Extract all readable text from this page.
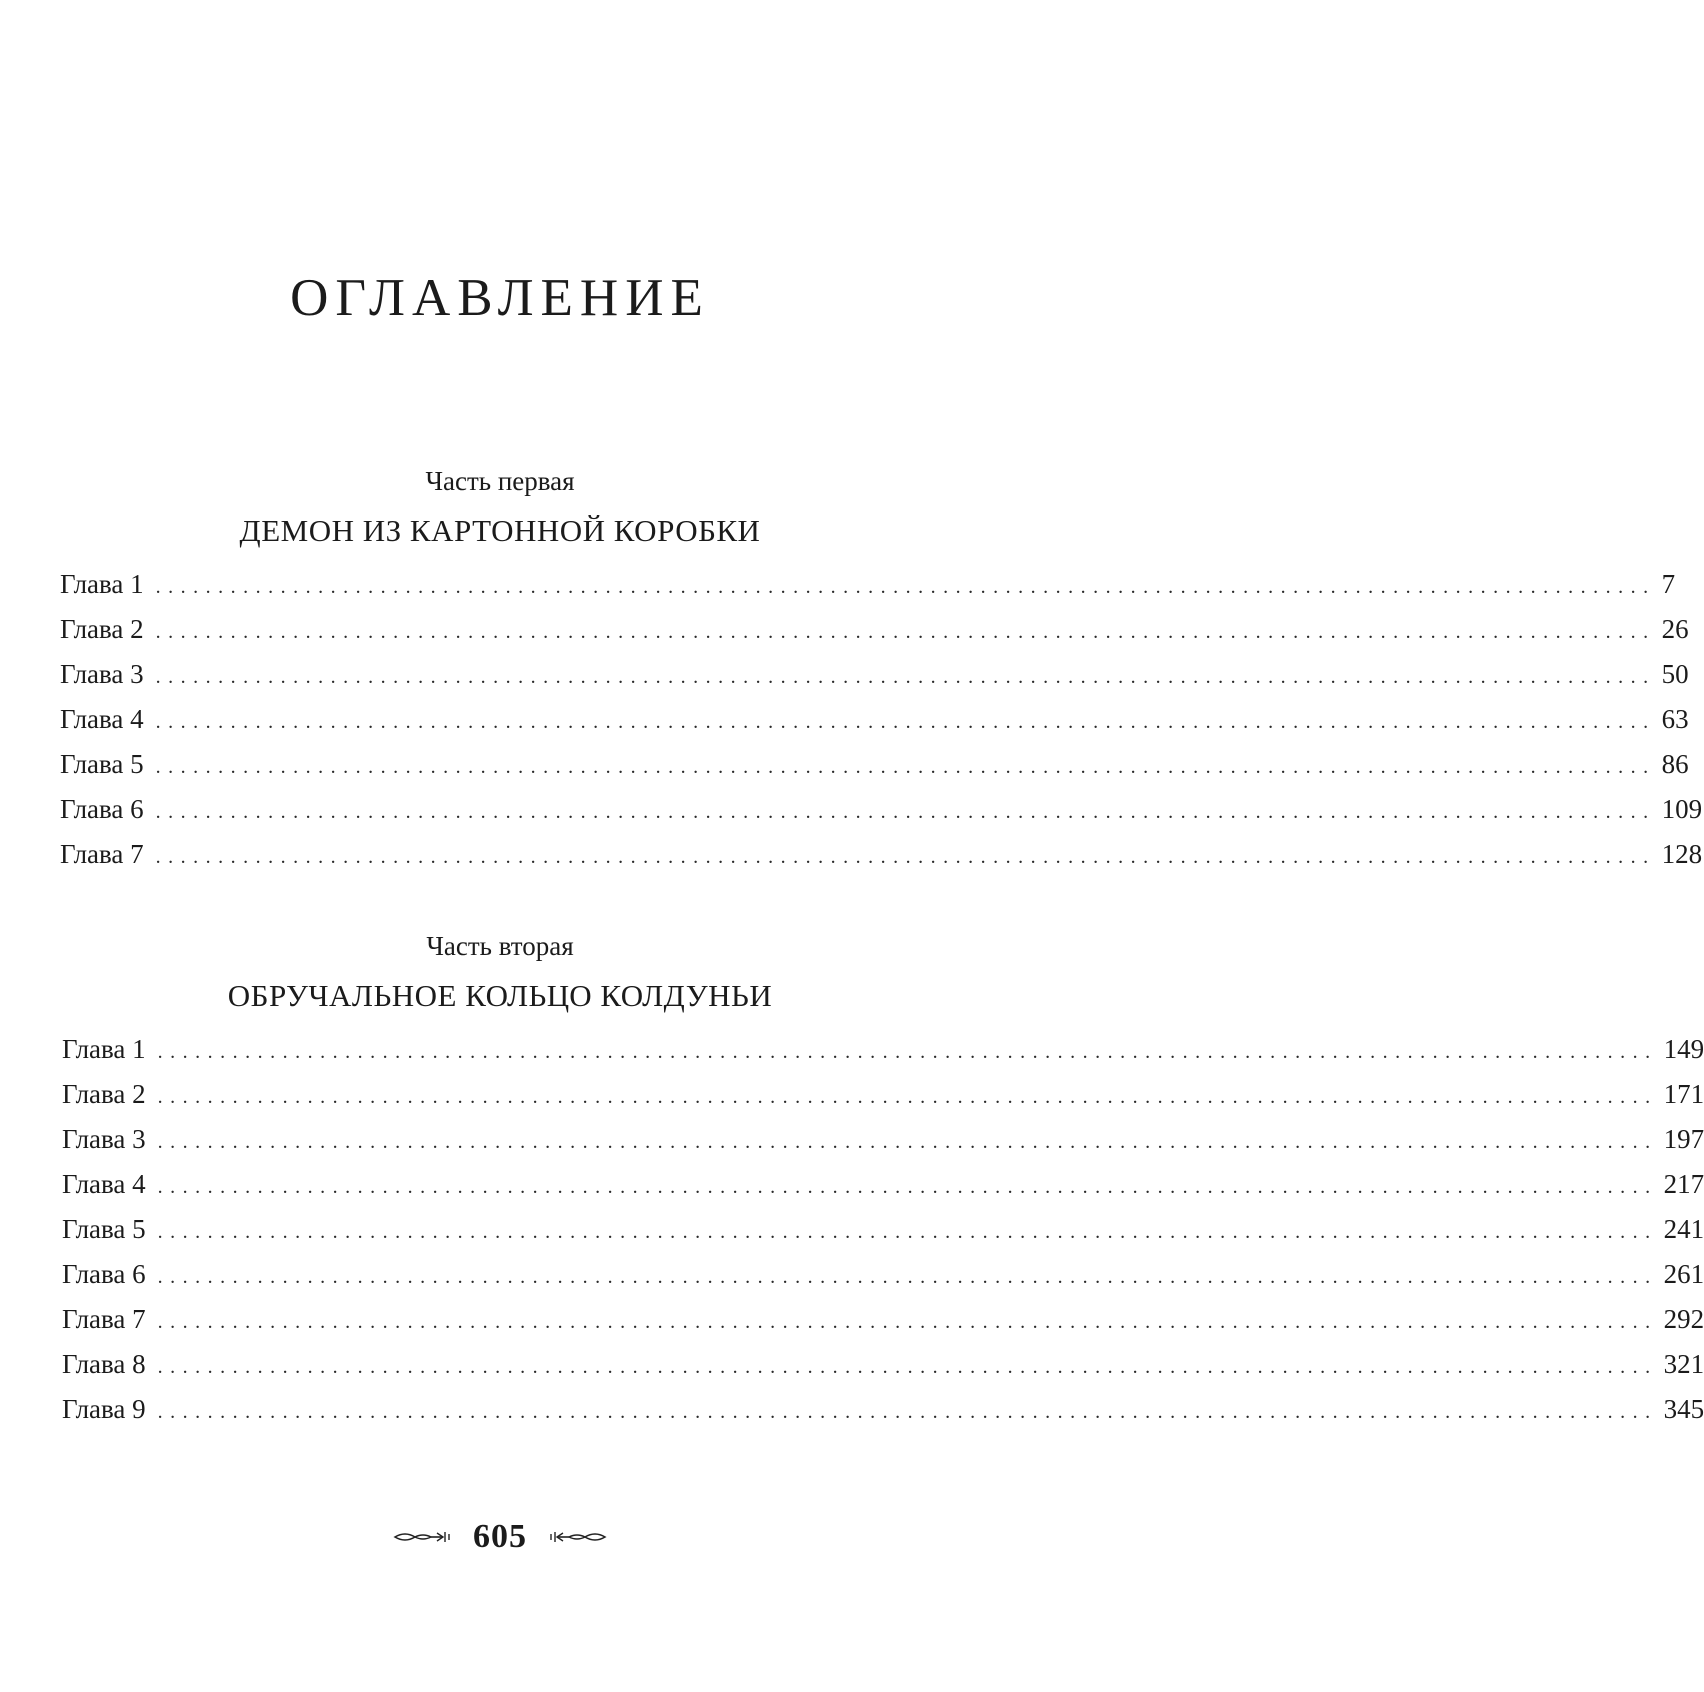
ОГЛАВЛЕНИЕ
Часть первая
ДЕМОН ИЗ КАРТОННОЙ КОРОБКИ
Глава 1 ........................................................................................................................ 7
Глава 2 ........................................................................................................................ 26
Глава 3 ........................................................................................................................ 50
Глава 4 ........................................................................................................................ 63
Глава 5 ........................................................................................................................ 86
Глава 6 ........................................................................................................................ 109
Глава 7 ........................................................................................................................ 128
Часть вторая
ОБРУЧАЛЬНОЕ КОЛЬЦО КОЛДУНЬИ
Глава 1 ........................................................................................................................ 149
Глава 2 ........................................................................................................................ 171
Глава 3 ........................................................................................................................ 197
Глава 4 ........................................................................................................................ 217
Глава 5 ........................................................................................................................ 241
Глава 6 ........................................................................................................................ 261
Глава 7 ........................................................................................................................ 292
Глава 8 ........................................................................................................................ 321
Глава 9 ........................................................................................................................ 345
605
